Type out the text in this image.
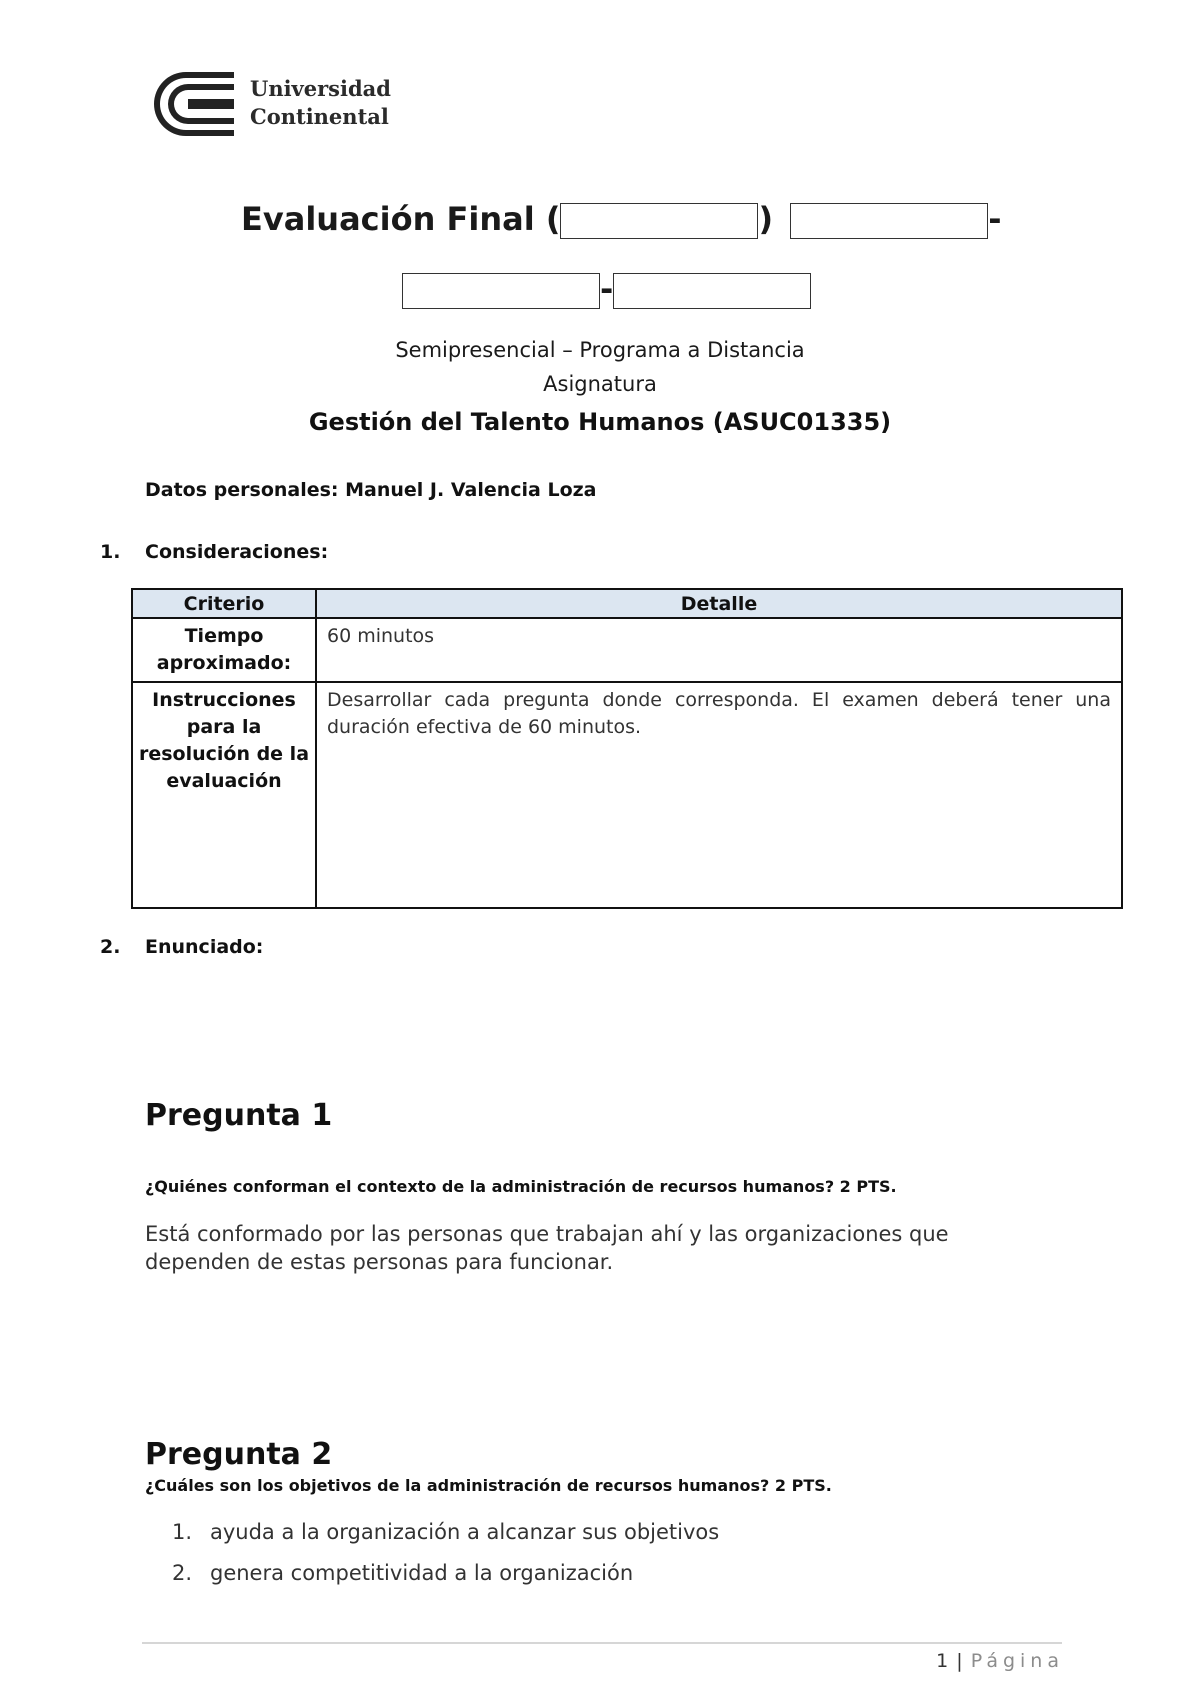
Universidad
Continental
Evaluación Final (	)	-
-
Semipresencial – Programa a Distancia
Asignatura
Gestión del Talento Humanos (ASUC01335)
Datos personales: Manuel J. Valencia Loza
1. Consideraciones:
Criterio	Detalle
Tiempo aproximado:	60 minutos
Instrucciones para la resolución de la evaluación	Desarrollar cada pregunta donde corresponda. El examen deberá tener una duración efectiva de 60 minutos.
2. Enunciado:
Pregunta 1
¿Quiénes conforman el contexto de la administración de recursos humanos? 2 PTS.
Está conformado por las personas que trabajan ahí y las organizaciones que dependen de estas personas para funcionar.
Pregunta 2
¿Cuáles son los objetivos de la administración de recursos humanos? 2 PTS.
1. ayuda a la organización a alcanzar sus objetivos
2. genera competitividad a la organización
1 | Página
